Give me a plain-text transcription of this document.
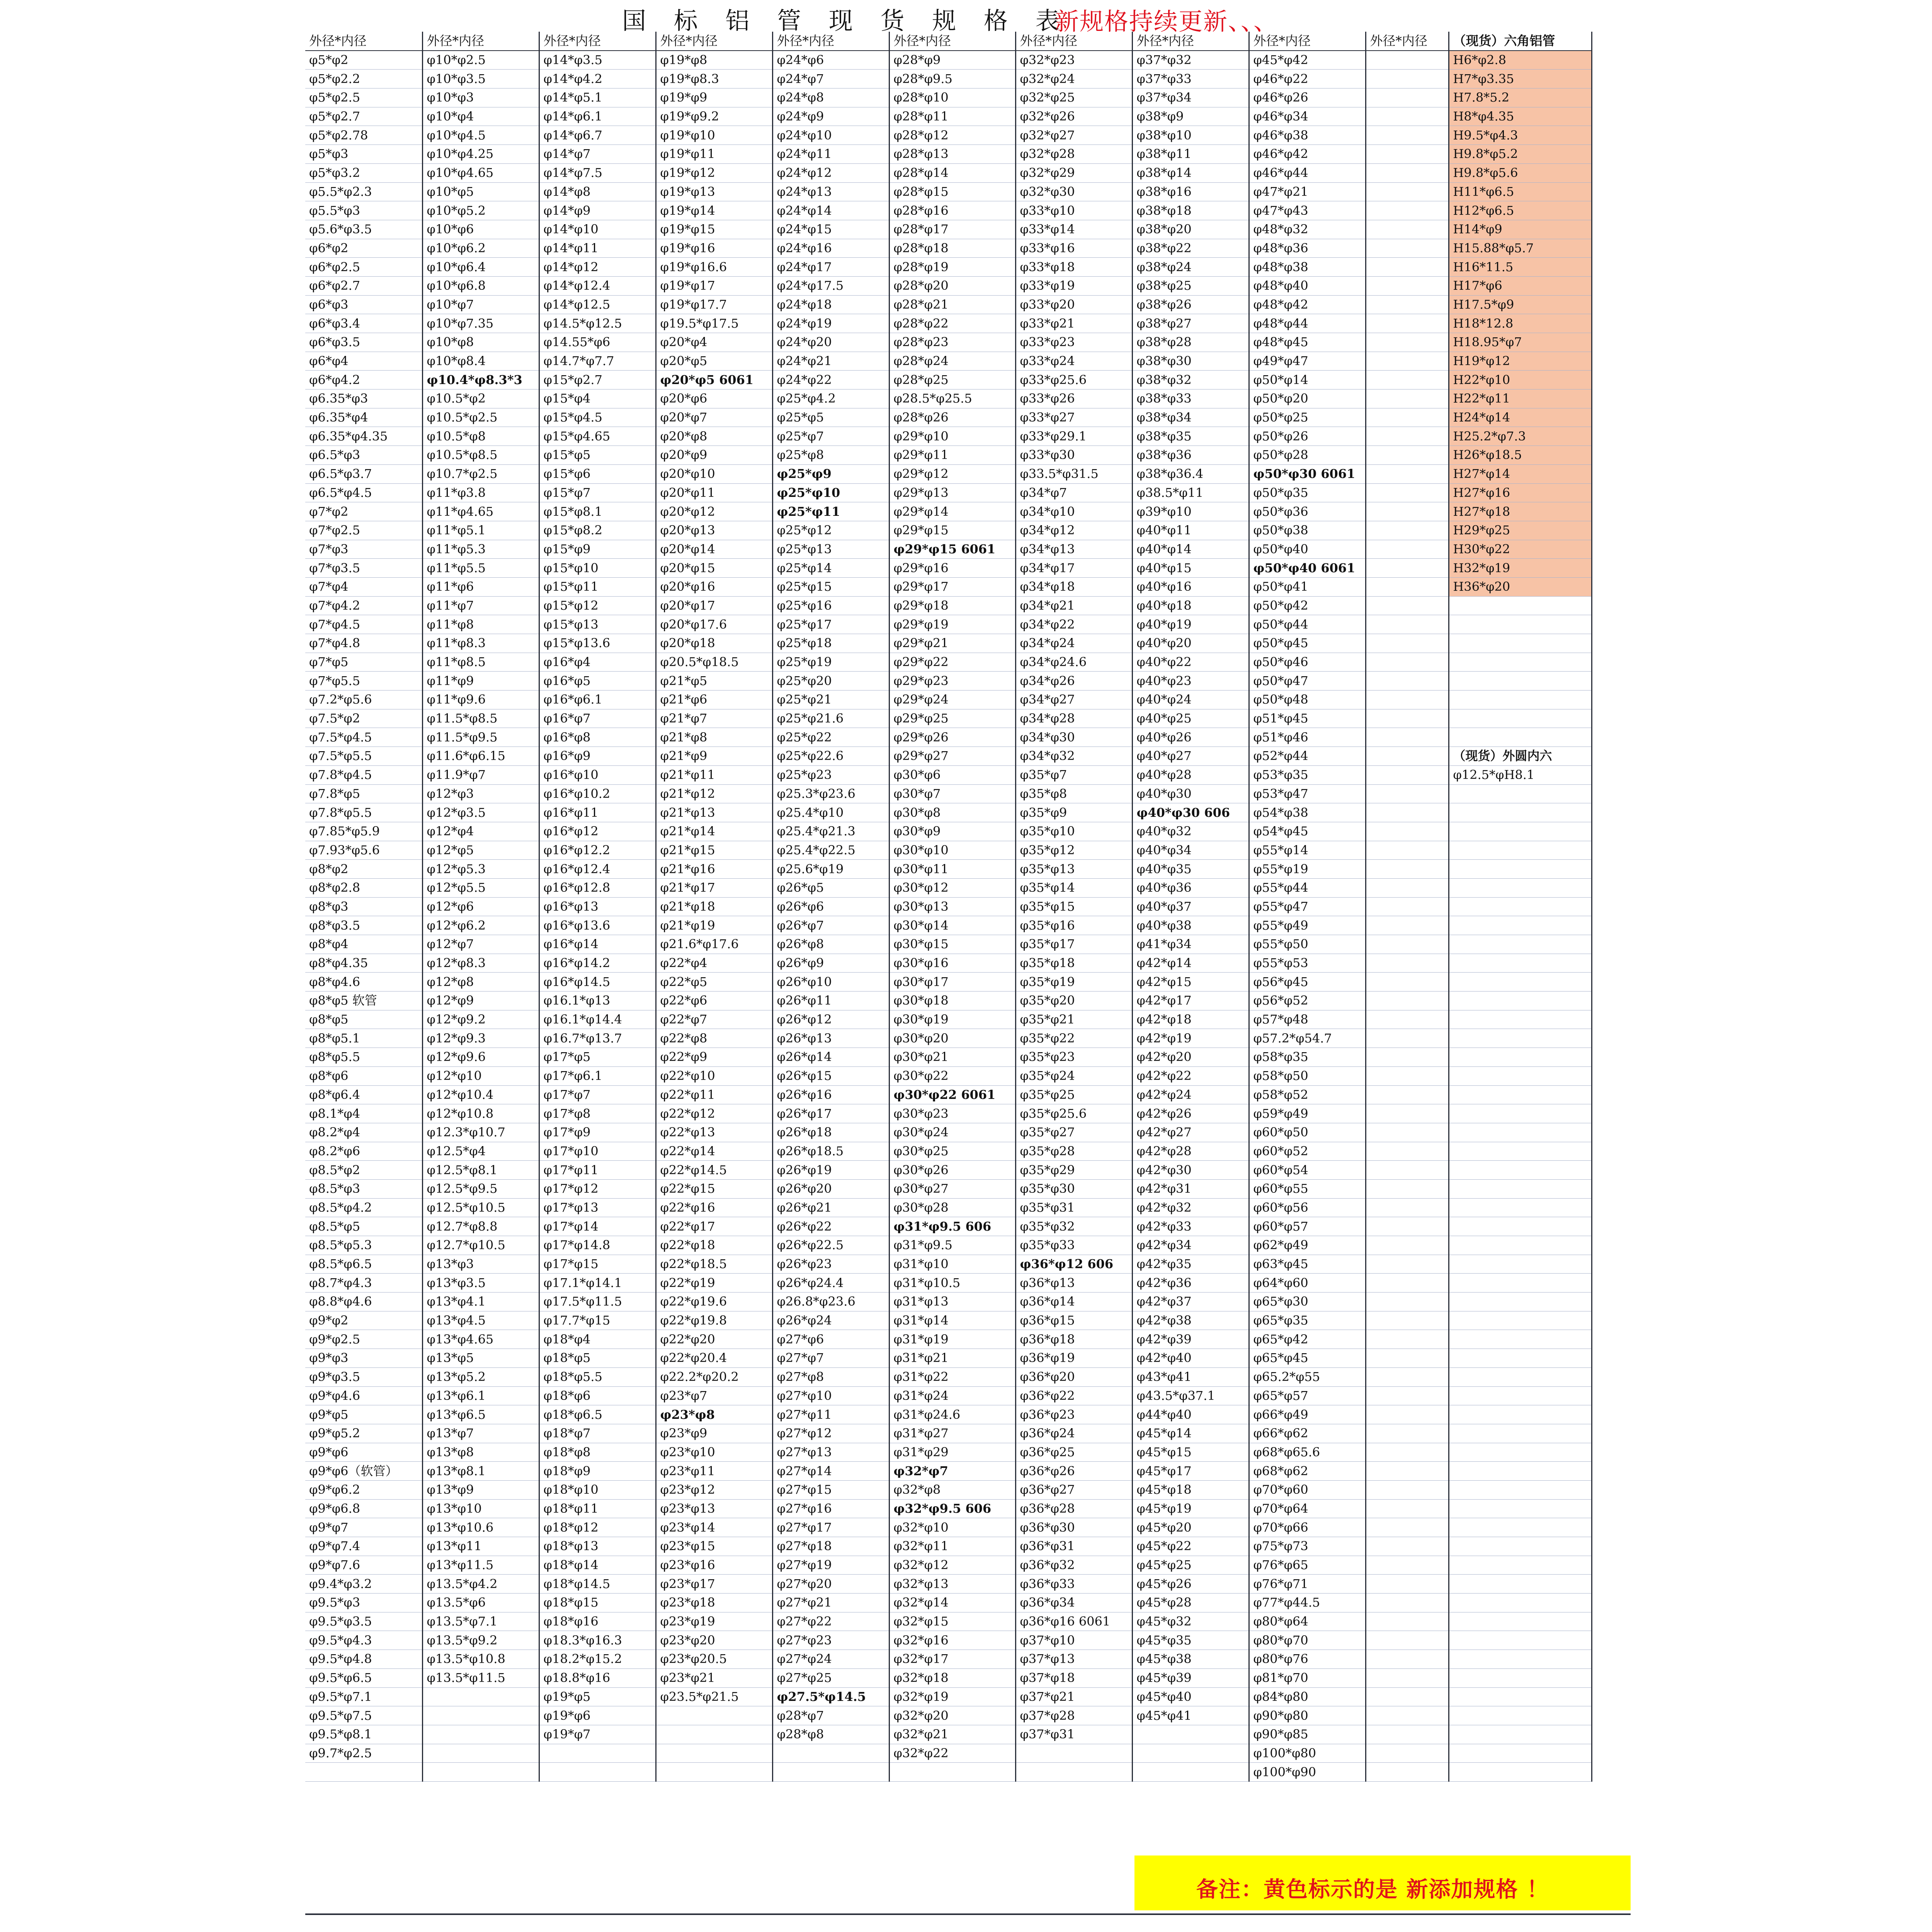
国 标 铝 管 现 货 规 格 表
新规格持续更新、、、
外径*内径	外径*内径	外径*内径	外径*内径	外径*内径	外径*内径	外径*内径	外径*内径	外径*内径	外径*内径	（现货）六角铝管
φ5*φ2	φ10*φ2.5	φ14*φ3.5	φ19*φ8	φ24*φ6	φ28*φ9	φ32*φ23	φ37*φ32	φ45*φ42		H6*φ2.8
φ5*φ2.2	φ10*φ3.5	φ14*φ4.2	φ19*φ8.3	φ24*φ7	φ28*φ9.5	φ32*φ24	φ37*φ33	φ46*φ22		H7*φ3.35
φ5*φ2.5	φ10*φ3	φ14*φ5.1	φ19*φ9	φ24*φ8	φ28*φ10	φ32*φ25	φ37*φ34	φ46*φ26		H7.8*5.2
φ5*φ2.7	φ10*φ4	φ14*φ6.1	φ19*φ9.2	φ24*φ9	φ28*φ11	φ32*φ26	φ38*φ9	φ46*φ34		H8*φ4.35
φ5*φ2.78	φ10*φ4.5	φ14*φ6.7	φ19*φ10	φ24*φ10	φ28*φ12	φ32*φ27	φ38*φ10	φ46*φ38		H9.5*φ4.3
φ5*φ3	φ10*φ4.25	φ14*φ7	φ19*φ11	φ24*φ11	φ28*φ13	φ32*φ28	φ38*φ11	φ46*φ42		H9.8*φ5.2
φ5*φ3.2	φ10*φ4.65	φ14*φ7.5	φ19*φ12	φ24*φ12	φ28*φ14	φ32*φ29	φ38*φ14	φ46*φ44		H9.8*φ5.6
φ5.5*φ2.3	φ10*φ5	φ14*φ8	φ19*φ13	φ24*φ13	φ28*φ15	φ32*φ30	φ38*φ16	φ47*φ21		H11*φ6.5
φ5.5*φ3	φ10*φ5.2	φ14*φ9	φ19*φ14	φ24*φ14	φ28*φ16	φ33*φ10	φ38*φ18	φ47*φ43		H12*φ6.5
φ5.6*φ3.5	φ10*φ6	φ14*φ10	φ19*φ15	φ24*φ15	φ28*φ17	φ33*φ14	φ38*φ20	φ48*φ32		H14*φ9
φ6*φ2	φ10*φ6.2	φ14*φ11	φ19*φ16	φ24*φ16	φ28*φ18	φ33*φ16	φ38*φ22	φ48*φ36		H15.88*φ5.7
φ6*φ2.5	φ10*φ6.4	φ14*φ12	φ19*φ16.6	φ24*φ17	φ28*φ19	φ33*φ18	φ38*φ24	φ48*φ38		H16*11.5
φ6*φ2.7	φ10*φ6.8	φ14*φ12.4	φ19*φ17	φ24*φ17.5	φ28*φ20	φ33*φ19	φ38*φ25	φ48*φ40		H17*φ6
φ6*φ3	φ10*φ7	φ14*φ12.5	φ19*φ17.7	φ24*φ18	φ28*φ21	φ33*φ20	φ38*φ26	φ48*φ42		H17.5*φ9
φ6*φ3.4	φ10*φ7.35	φ14.5*φ12.5	φ19.5*φ17.5	φ24*φ19	φ28*φ22	φ33*φ21	φ38*φ27	φ48*φ44		H18*12.8
φ6*φ3.5	φ10*φ8	φ14.55*φ6	φ20*φ4	φ24*φ20	φ28*φ23	φ33*φ23	φ38*φ28	φ48*φ45		H18.95*φ7
φ6*φ4	φ10*φ8.4	φ14.7*φ7.7	φ20*φ5	φ24*φ21	φ28*φ24	φ33*φ24	φ38*φ30	φ49*φ47		H19*φ12
φ6*φ4.2	φ10.4*φ8.3*3	φ15*φ2.7	φ20*φ5 6061	φ24*φ22	φ28*φ25	φ33*φ25.6	φ38*φ32	φ50*φ14		H22*φ10
φ6.35*φ3	φ10.5*φ2	φ15*φ4	φ20*φ6	φ25*φ4.2	φ28.5*φ25.5	φ33*φ26	φ38*φ33	φ50*φ20		H22*φ11
φ6.35*φ4	φ10.5*φ2.5	φ15*φ4.5	φ20*φ7	φ25*φ5	φ28*φ26	φ33*φ27	φ38*φ34	φ50*φ25		H24*φ14
φ6.35*φ4.35	φ10.5*φ8	φ15*φ4.65	φ20*φ8	φ25*φ7	φ29*φ10	φ33*φ29.1	φ38*φ35	φ50*φ26		H25.2*φ7.3
φ6.5*φ3	φ10.5*φ8.5	φ15*φ5	φ20*φ9	φ25*φ8	φ29*φ11	φ33*φ30	φ38*φ36	φ50*φ28		H26*φ18.5
φ6.5*φ3.7	φ10.7*φ2.5	φ15*φ6	φ20*φ10	φ25*φ9	φ29*φ12	φ33.5*φ31.5	φ38*φ36.4	φ50*φ30 6061		H27*φ14
φ6.5*φ4.5	φ11*φ3.8	φ15*φ7	φ20*φ11	φ25*φ10	φ29*φ13	φ34*φ7	φ38.5*φ11	φ50*φ35		H27*φ16
φ7*φ2	φ11*φ4.65	φ15*φ8.1	φ20*φ12	φ25*φ11	φ29*φ14	φ34*φ10	φ39*φ10	φ50*φ36		H27*φ18
φ7*φ2.5	φ11*φ5.1	φ15*φ8.2	φ20*φ13	φ25*φ12	φ29*φ15	φ34*φ12	φ40*φ11	φ50*φ38		H29*φ25
φ7*φ3	φ11*φ5.3	φ15*φ9	φ20*φ14	φ25*φ13	φ29*φ15 6061	φ34*φ13	φ40*φ14	φ50*φ40		H30*φ22
φ7*φ3.5	φ11*φ5.5	φ15*φ10	φ20*φ15	φ25*φ14	φ29*φ16	φ34*φ17	φ40*φ15	φ50*φ40 6061		H32*φ19
φ7*φ4	φ11*φ6	φ15*φ11	φ20*φ16	φ25*φ15	φ29*φ17	φ34*φ18	φ40*φ16	φ50*φ41		H36*φ20
φ7*φ4.2	φ11*φ7	φ15*φ12	φ20*φ17	φ25*φ16	φ29*φ18	φ34*φ21	φ40*φ18	φ50*φ42		
φ7*φ4.5	φ11*φ8	φ15*φ13	φ20*φ17.6	φ25*φ17	φ29*φ19	φ34*φ22	φ40*φ19	φ50*φ44		
φ7*φ4.8	φ11*φ8.3	φ15*φ13.6	φ20*φ18	φ25*φ18	φ29*φ21	φ34*φ24	φ40*φ20	φ50*φ45		
φ7*φ5	φ11*φ8.5	φ16*φ4	φ20.5*φ18.5	φ25*φ19	φ29*φ22	φ34*φ24.6	φ40*φ22	φ50*φ46		
φ7*φ5.5	φ11*φ9	φ16*φ5	φ21*φ5	φ25*φ20	φ29*φ23	φ34*φ26	φ40*φ23	φ50*φ47		
φ7.2*φ5.6	φ11*φ9.6	φ16*φ6.1	φ21*φ6	φ25*φ21	φ29*φ24	φ34*φ27	φ40*φ24	φ50*φ48		
φ7.5*φ2	φ11.5*φ8.5	φ16*φ7	φ21*φ7	φ25*φ21.6	φ29*φ25	φ34*φ28	φ40*φ25	φ51*φ45		
φ7.5*φ4.5	φ11.5*φ9.5	φ16*φ8	φ21*φ8	φ25*φ22	φ29*φ26	φ34*φ30	φ40*φ26	φ51*φ46		
φ7.5*φ5.5	φ11.6*φ6.15	φ16*φ9	φ21*φ9	φ25*φ22.6	φ29*φ27	φ34*φ32	φ40*φ27	φ52*φ44		（现货）外圆内六
φ7.8*φ4.5	φ11.9*φ7	φ16*φ10	φ21*φ11	φ25*φ23	φ30*φ6	φ35*φ7	φ40*φ28	φ53*φ35		φ12.5*φH8.1
φ7.8*φ5	φ12*φ3	φ16*φ10.2	φ21*φ12	φ25.3*φ23.6	φ30*φ7	φ35*φ8	φ40*φ30	φ53*φ47		
φ7.8*φ5.5	φ12*φ3.5	φ16*φ11	φ21*φ13	φ25.4*φ10	φ30*φ8	φ35*φ9	φ40*φ30 606	φ54*φ38		
φ7.85*φ5.9	φ12*φ4	φ16*φ12	φ21*φ14	φ25.4*φ21.3	φ30*φ9	φ35*φ10	φ40*φ32	φ54*φ45		
φ7.93*φ5.6	φ12*φ5	φ16*φ12.2	φ21*φ15	φ25.4*φ22.5	φ30*φ10	φ35*φ12	φ40*φ34	φ55*φ14		
φ8*φ2	φ12*φ5.3	φ16*φ12.4	φ21*φ16	φ25.6*φ19	φ30*φ11	φ35*φ13	φ40*φ35	φ55*φ19		
φ8*φ2.8	φ12*φ5.5	φ16*φ12.8	φ21*φ17	φ26*φ5	φ30*φ12	φ35*φ14	φ40*φ36	φ55*φ44		
φ8*φ3	φ12*φ6	φ16*φ13	φ21*φ18	φ26*φ6	φ30*φ13	φ35*φ15	φ40*φ37	φ55*φ47		
φ8*φ3.5	φ12*φ6.2	φ16*φ13.6	φ21*φ19	φ26*φ7	φ30*φ14	φ35*φ16	φ40*φ38	φ55*φ49		
φ8*φ4	φ12*φ7	φ16*φ14	φ21.6*φ17.6	φ26*φ8	φ30*φ15	φ35*φ17	φ41*φ34	φ55*φ50		
φ8*φ4.35	φ12*φ8.3	φ16*φ14.2	φ22*φ4	φ26*φ9	φ30*φ16	φ35*φ18	φ42*φ14	φ55*φ53		
φ8*φ4.6	φ12*φ8	φ16*φ14.5	φ22*φ5	φ26*φ10	φ30*φ17	φ35*φ19	φ42*φ15	φ56*φ45		
φ8*φ5 软管	φ12*φ9	φ16.1*φ13	φ22*φ6	φ26*φ11	φ30*φ18	φ35*φ20	φ42*φ17	φ56*φ52		
φ8*φ5	φ12*φ9.2	φ16.1*φ14.4	φ22*φ7	φ26*φ12	φ30*φ19	φ35*φ21	φ42*φ18	φ57*φ48		
φ8*φ5.1	φ12*φ9.3	φ16.7*φ13.7	φ22*φ8	φ26*φ13	φ30*φ20	φ35*φ22	φ42*φ19	φ57.2*φ54.7		
φ8*φ5.5	φ12*φ9.6	φ17*φ5	φ22*φ9	φ26*φ14	φ30*φ21	φ35*φ23	φ42*φ20	φ58*φ35		
φ8*φ6	φ12*φ10	φ17*φ6.1	φ22*φ10	φ26*φ15	φ30*φ22	φ35*φ24	φ42*φ22	φ58*φ50		
φ8*φ6.4	φ12*φ10.4	φ17*φ7	φ22*φ11	φ26*φ16	φ30*φ22 6061	φ35*φ25	φ42*φ24	φ58*φ52		
φ8.1*φ4	φ12*φ10.8	φ17*φ8	φ22*φ12	φ26*φ17	φ30*φ23	φ35*φ25.6	φ42*φ26	φ59*φ49		
φ8.2*φ4	φ12.3*φ10.7	φ17*φ9	φ22*φ13	φ26*φ18	φ30*φ24	φ35*φ27	φ42*φ27	φ60*φ50		
φ8.2*φ6	φ12.5*φ4	φ17*φ10	φ22*φ14	φ26*φ18.5	φ30*φ25	φ35*φ28	φ42*φ28	φ60*φ52		
φ8.5*φ2	φ12.5*φ8.1	φ17*φ11	φ22*φ14.5	φ26*φ19	φ30*φ26	φ35*φ29	φ42*φ30	φ60*φ54		
φ8.5*φ3	φ12.5*φ9.5	φ17*φ12	φ22*φ15	φ26*φ20	φ30*φ27	φ35*φ30	φ42*φ31	φ60*φ55		
φ8.5*φ4.2	φ12.5*φ10.5	φ17*φ13	φ22*φ16	φ26*φ21	φ30*φ28	φ35*φ31	φ42*φ32	φ60*φ56		
φ8.5*φ5	φ12.7*φ8.8	φ17*φ14	φ22*φ17	φ26*φ22	φ31*φ9.5 606	φ35*φ32	φ42*φ33	φ60*φ57		
φ8.5*φ5.3	φ12.7*φ10.5	φ17*φ14.8	φ22*φ18	φ26*φ22.5	φ31*φ9.5	φ35*φ33	φ42*φ34	φ62*φ49		
φ8.5*φ6.5	φ13*φ3	φ17*φ15	φ22*φ18.5	φ26*φ23	φ31*φ10	φ36*φ12 606	φ42*φ35	φ63*φ45		
φ8.7*φ4.3	φ13*φ3.5	φ17.1*φ14.1	φ22*φ19	φ26*φ24.4	φ31*φ10.5	φ36*φ13	φ42*φ36	φ64*φ60		
φ8.8*φ4.6	φ13*φ4.1	φ17.5*φ11.5	φ22*φ19.6	φ26.8*φ23.6	φ31*φ13	φ36*φ14	φ42*φ37	φ65*φ30		
φ9*φ2	φ13*φ4.5	φ17.7*φ15	φ22*φ19.8	φ26*φ24	φ31*φ14	φ36*φ15	φ42*φ38	φ65*φ35		
φ9*φ2.5	φ13*φ4.65	φ18*φ4	φ22*φ20	φ27*φ6	φ31*φ19	φ36*φ18	φ42*φ39	φ65*φ42		
φ9*φ3	φ13*φ5	φ18*φ5	φ22*φ20.4	φ27*φ7	φ31*φ21	φ36*φ19	φ42*φ40	φ65*φ45		
φ9*φ3.5	φ13*φ5.2	φ18*φ5.5	φ22.2*φ20.2	φ27*φ8	φ31*φ22	φ36*φ20	φ43*φ41	φ65.2*φ55		
φ9*φ4.6	φ13*φ6.1	φ18*φ6	φ23*φ7	φ27*φ10	φ31*φ24	φ36*φ22	φ43.5*φ37.1	φ65*φ57		
φ9*φ5	φ13*φ6.5	φ18*φ6.5	φ23*φ8	φ27*φ11	φ31*φ24.6	φ36*φ23	φ44*φ40	φ66*φ49		
φ9*φ5.2	φ13*φ7	φ18*φ7	φ23*φ9	φ27*φ12	φ31*φ27	φ36*φ24	φ45*φ14	φ66*φ62		
φ9*φ6	φ13*φ8	φ18*φ8	φ23*φ10	φ27*φ13	φ31*φ29	φ36*φ25	φ45*φ15	φ68*φ65.6		
φ9*φ6（软管）	φ13*φ8.1	φ18*φ9	φ23*φ11	φ27*φ14	φ32*φ7	φ36*φ26	φ45*φ17	φ68*φ62		
φ9*φ6.2	φ13*φ9	φ18*φ10	φ23*φ12	φ27*φ15	φ32*φ8	φ36*φ27	φ45*φ18	φ70*φ60		
φ9*φ6.8	φ13*φ10	φ18*φ11	φ23*φ13	φ27*φ16	φ32*φ9.5 606	φ36*φ28	φ45*φ19	φ70*φ64		
φ9*φ7	φ13*φ10.6	φ18*φ12	φ23*φ14	φ27*φ17	φ32*φ10	φ36*φ30	φ45*φ20	φ70*φ66		
φ9*φ7.4	φ13*φ11	φ18*φ13	φ23*φ15	φ27*φ18	φ32*φ11	φ36*φ31	φ45*φ22	φ75*φ73		
φ9*φ7.6	φ13*φ11.5	φ18*φ14	φ23*φ16	φ27*φ19	φ32*φ12	φ36*φ32	φ45*φ25	φ76*φ65		
φ9.4*φ3.2	φ13.5*φ4.2	φ18*φ14.5	φ23*φ17	φ27*φ20	φ32*φ13	φ36*φ33	φ45*φ26	φ76*φ71		
φ9.5*φ3	φ13.5*φ6	φ18*φ15	φ23*φ18	φ27*φ21	φ32*φ14	φ36*φ34	φ45*φ28	φ77*φ44.5		
φ9.5*φ3.5	φ13.5*φ7.1	φ18*φ16	φ23*φ19	φ27*φ22	φ32*φ15	φ36*φ16 6061	φ45*φ32	φ80*φ64		
φ9.5*φ4.3	φ13.5*φ9.2	φ18.3*φ16.3	φ23*φ20	φ27*φ23	φ32*φ16	φ37*φ10	φ45*φ35	φ80*φ70		
φ9.5*φ4.8	φ13.5*φ10.8	φ18.2*φ15.2	φ23*φ20.5	φ27*φ24	φ32*φ17	φ37*φ13	φ45*φ38	φ80*φ76		
φ9.5*φ6.5	φ13.5*φ11.5	φ18.8*φ16	φ23*φ21	φ27*φ25	φ32*φ18	φ37*φ18	φ45*φ39	φ81*φ70		
φ9.5*φ7.1		φ19*φ5	φ23.5*φ21.5	φ27.5*φ14.5	φ32*φ19	φ37*φ21	φ45*φ40	φ84*φ80		
φ9.5*φ7.5		φ19*φ6		φ28*φ7	φ32*φ20	φ37*φ28	φ45*φ41	φ90*φ80		
φ9.5*φ8.1		φ19*φ7		φ28*φ8	φ32*φ21	φ37*φ31		φ90*φ85		
φ9.7*φ2.5					φ32*φ22			φ100*φ80		
								φ100*φ90		
备注：黄色标示的是 新添加规格 ！
